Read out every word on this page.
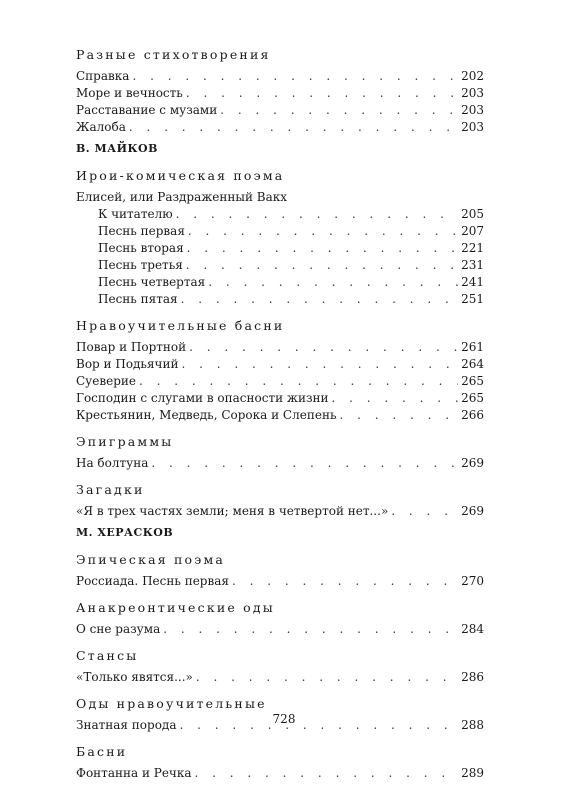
Разные стихотворения
Справка . . .	202
Море и вечность . . .	203
Расставание с музами . . .	203
Жалоба . . .	203
В. МАЙКОВ
Ирои-комическая поэма
Елисей, или Раздраженный Вакх
К читателю . . .	205
Песнь первая . . .	207
Песнь вторая . . .	221
Песнь третья . . .	231
Песнь четвертая . . .	241
Песнь пятая . . .	251
Нравоучительные басни
Повар и Портной . . .	261
Вор и Подьячий . . .	264
Суеверие . . .	265
Господин с слугами в опасности жизни . . .	265
Крестьянин, Медведь, Сорока и Слепень . . .	266
Эпиграммы
На болтуна . . .	269
Загадки
«Я в трех частях земли; меня в четвертой нет...» . . .	269
М. ХЕРАСКОВ
Эпическая поэма
Россиада. Песнь первая . . .	270
Анакреонтические оды
О сне разума . . .	284
Стансы
«Только явятся...» . . .	286
Оды нравоучительные
Знатная порода . . .	288
Басни
Фонтанна и Речка . . .	289
728
